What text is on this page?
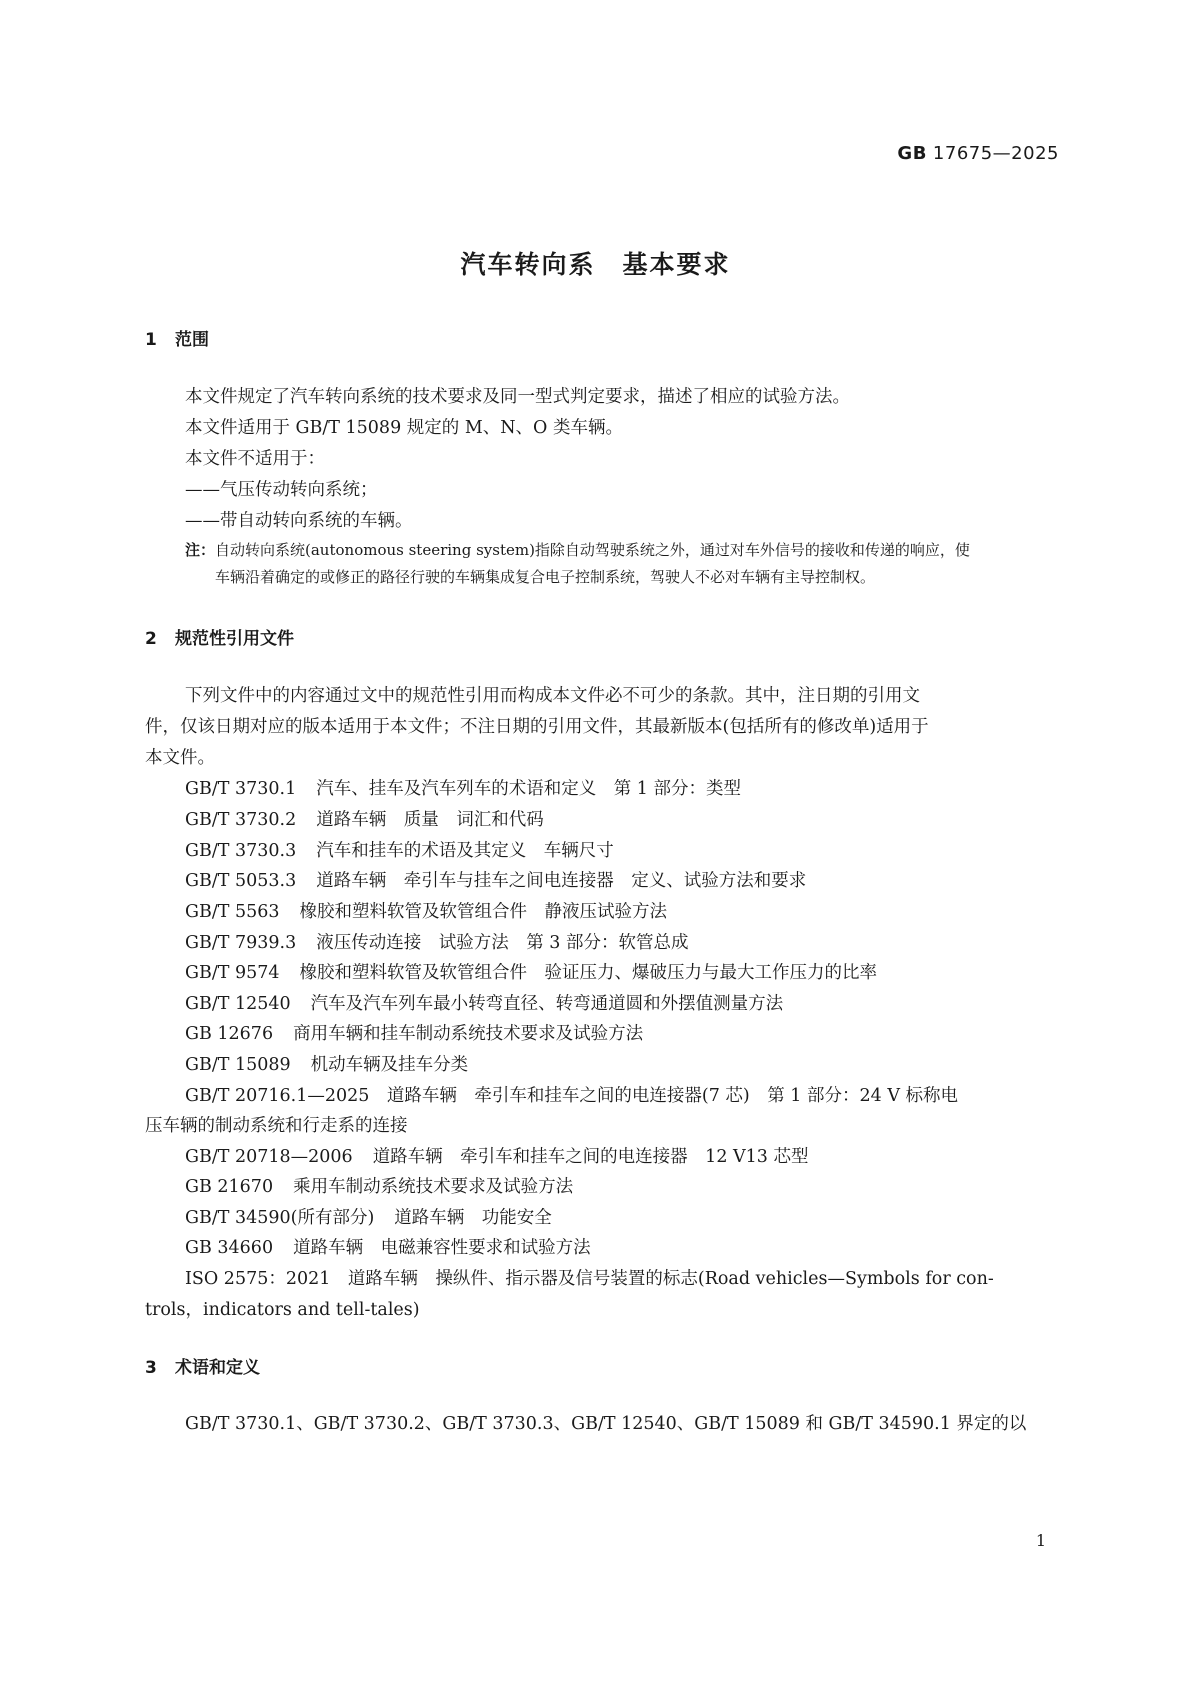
GB 17675—2025
汽车转向系　基本要求
1 范围
本文件规定了汽车转向系统的技术要求及同一型式判定要求，描述了相应的试验方法。
本文件适用于 GB/T 15089 规定的 M、N、O 类车辆。
本文件不适用于：
——气压传动转向系统；
——带自动转向系统的车辆。
注：自动转向系统(autonomous steering system)指除自动驾驶系统之外，通过对车外信号的接收和传递的响应，使
车辆沿着确定的或修正的路径行驶的车辆集成复合电子控制系统，驾驶人不必对车辆有主导控制权。
2 规范性引用文件
下列文件中的内容通过文中的规范性引用而构成本文件必不可少的条款。其中，注日期的引用文
件，仅该日期对应的版本适用于本文件；不注日期的引用文件，其最新版本(包括所有的修改单)适用于
本文件。
GB/T 3730.1 汽车、挂车及汽车列车的术语和定义　第 1 部分：类型
GB/T 3730.2 道路车辆　质量　词汇和代码
GB/T 3730.3 汽车和挂车的术语及其定义　车辆尺寸
GB/T 5053.3 道路车辆　牵引车与挂车之间电连接器　定义、试验方法和要求
GB/T 5563 橡胶和塑料软管及软管组合件　静液压试验方法
GB/T 7939.3 液压传动连接　试验方法　第 3 部分：软管总成
GB/T 9574 橡胶和塑料软管及软管组合件　验证压力、爆破压力与最大工作压力的比率
GB/T 12540 汽车及汽车列车最小转弯直径、转弯通道圆和外摆值测量方法
GB 12676 商用车辆和挂车制动系统技术要求及试验方法
GB/T 15089 机动车辆及挂车分类
GB/T 20716.1—2025　道路车辆　牵引车和挂车之间的电连接器(7 芯)　第 1 部分：24 V 标称电
压车辆的制动系统和行走系的连接
GB/T 20718—2006 道路车辆　牵引车和挂车之间的电连接器　12 V13 芯型
GB 21670 乘用车制动系统技术要求及试验方法
GB/T 34590(所有部分) 道路车辆　功能安全
GB 34660 道路车辆　电磁兼容性要求和试验方法
ISO 2575：2021　道路车辆　操纵件、指示器及信号装置的标志(Road vehicles—Symbols for con-
trols，indicators and tell-tales)
3 术语和定义
GB/T 3730.1、GB/T 3730.2、GB/T 3730.3、GB/T 12540、GB/T 15089 和 GB/T 34590.1 界定的以
1
